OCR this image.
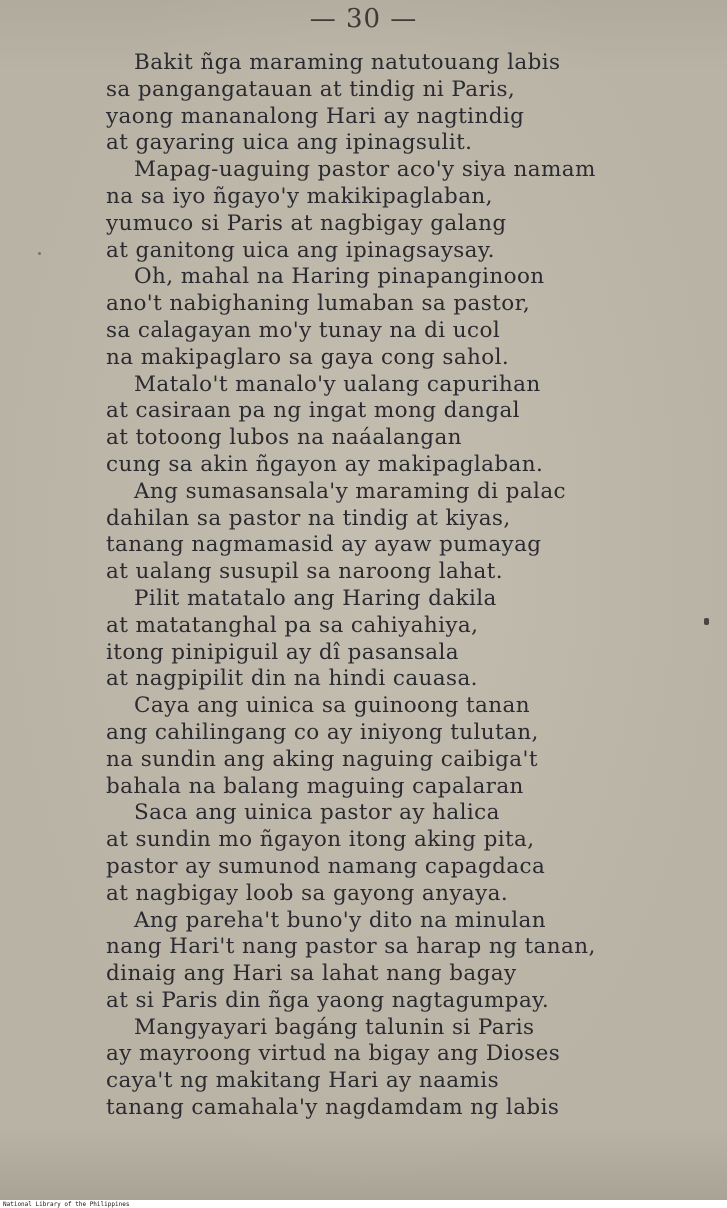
— 30 —
Bakit ñga maraming natutouang labis
sa pangangatauan at tindig ni Paris,
yaong mananalong Hari ay nagtindig
at gayaring uica ang ipinagsulit.
Mapag-uaguing pastor aco'y siya namam
na sa iyo ñgayo'y makikipaglaban,
yumuco si Paris at nagbigay galang
at ganitong uica ang ipinagsaysay.
Oh, mahal na Haring pinapanginoon
ano't nabighaning lumaban sa pastor,
sa calagayan mo'y tunay na di ucol
na makipaglaro sa gaya cong sahol.
Matalo't manalo'y ualang capurihan
at casiraan pa ng ingat mong dangal
at totoong lubos na naáalangan
cung sa akin ñgayon ay makipaglaban.
Ang sumasansala'y maraming di palac
dahilan sa pastor na tindig at kiyas,
tanang nagmamasid ay ayaw pumayag
at ualang susupil sa naroong lahat.
Pilit matatalo ang Haring dakila
at matatanghal pa sa cahiyahiya,
itong pinipiguil ay dî pasansala
at nagpipilit din na hindi cauasa.
Caya ang uinica sa guinoong tanan
ang cahilingang co ay iniyong tulutan,
na sundin ang aking naguing caibiga't
bahala na balang maguing capalaran
Saca ang uinica pastor ay halica
at sundin mo ñgayon itong aking pita,
pastor ay sumunod namang capagdaca
at nagbigay loob sa gayong anyaya.
Ang pareha't buno'y dito na minulan
nang Hari't nang pastor sa harap ng tanan,
dinaig ang Hari sa lahat nang bagay
at si Paris din ñga yaong nagtagumpay.
Mangyayari bagáng talunin si Paris
ay mayroong virtud na bigay ang Dioses
caya't ng makitang Hari ay naamis
tanang camahala'y nagdamdam ng labis
National Library of the Philippines
